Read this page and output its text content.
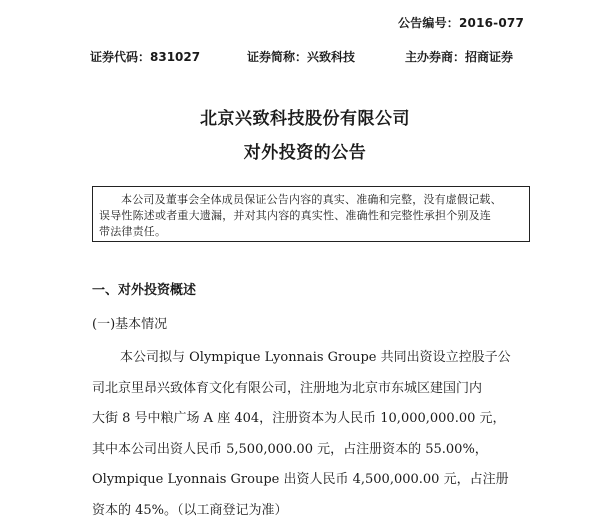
公告编号：2016-077
证券代码：831027	证券简称：兴致科技	主办券商：招商证券
北京兴致科技股份有限公司
对外投资的公告
本公司及董事会全体成员保证公告内容的真实、准确和完整，没有虚假记载、
误导性陈述或者重大遗漏，并对其内容的真实性、准确性和完整性承担个别及连
带法律责任。
一、对外投资概述
(一)基本情况
本公司拟与 Olympique Lyonnais Groupe 共同出资设立控股子公
司北京里昂兴致体育文化有限公司，注册地为北京市东城区建国门内
大街 8 号中粮广场 A 座 404，注册资本为人民币 10,000,000.00 元，
其中本公司出资人民币 5,500,000.00 元，占注册资本的 55.00%，
Olympique Lyonnais Groupe 出资人民币 4,500,000.00 元，占注册
资本的 45%。（以工商登记为准）
